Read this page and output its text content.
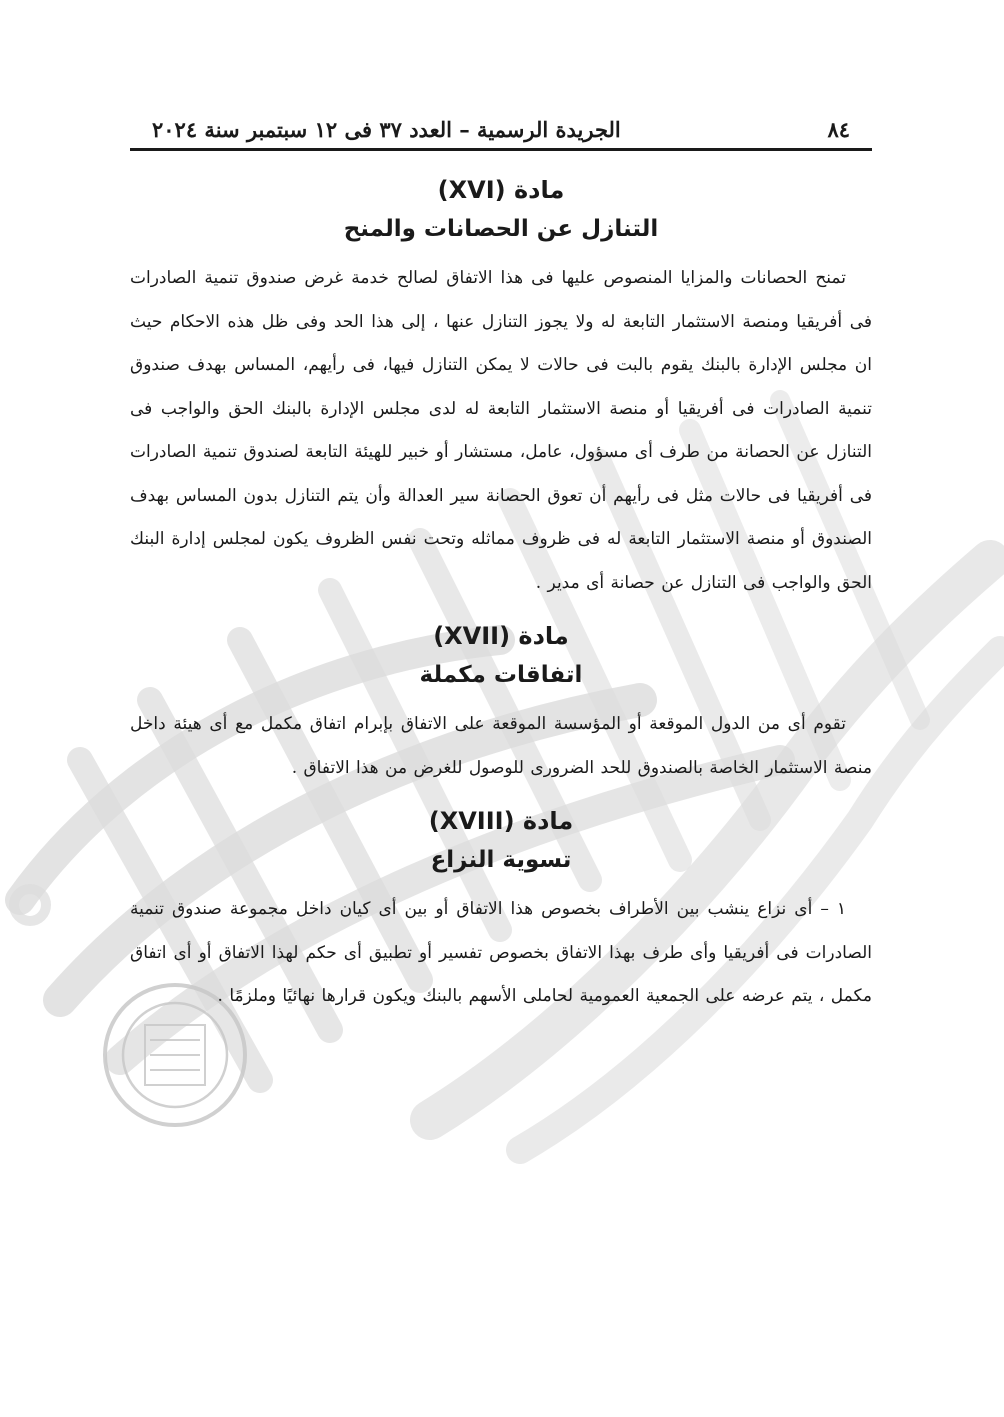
٨٤
الجريدة الرسمية – العدد ٣٧ فى ١٢ سبتمبر سنة ٢٠٢٤
مادة (XVI)
التنازل عن الحصانات والمنح

تمنح الحصانات والمزايا المنصوص عليها فى هذا الاتفاق لصالح خدمة غرض صندوق تنمية الصادرات فى أفريقيا ومنصة الاستثمار التابعة له ولا يجوز التنازل عنها ، إلى هذا الحد وفى ظل هذه الاحكام حيث ان مجلس الإدارة بالبنك يقوم بالبت فى حالات لا يمكن التنازل فيها، فى رأيهم، المساس بهدف صندوق تنمية الصادرات فى أفريقيا أو منصة الاستثمار التابعة له لدى مجلس الإدارة بالبنك الحق والواجب فى التنازل عن الحصانة من طرف أى مسؤول، عامل، مستشار أو خبير للهيئة التابعة لصندوق تنمية الصادرات فى أفريقيا فى حالات مثل فى رأيهم أن تعوق الحصانة سير العدالة وأن يتم التنازل بدون المساس بهدف الصندوق أو منصة الاستثمار التابعة له فى ظروف مماثله وتحت نفس الظروف يكون لمجلس إدارة البنك الحق والواجب فى التنازل عن حصانة أى مدير .

مادة (XVII)
اتفاقات مكملة

تقوم أى من الدول الموقعة أو المؤسسة الموقعة على الاتفاق بإبرام اتفاق مكمل مع أى هيئة داخل منصة الاستثمار الخاصة بالصندوق للحد الضرورى للوصول للغرض من هذا الاتفاق .

مادة (XVIII)
تسوية النزاع

١ – أى نزاع ينشب بين الأطراف بخصوص هذا الاتفاق أو بين أى كيان داخل مجموعة صندوق تنمية الصادرات فى أفريقيا وأى طرف بهذا الاتفاق بخصوص تفسير أو تطبيق أى حكم لهذا الاتفاق أو أى اتفاق مكمل ، يتم عرضه على الجمعية العمومية لحاملى الأسهم بالبنك ويكون قرارها نهائيًا وملزمًا .
